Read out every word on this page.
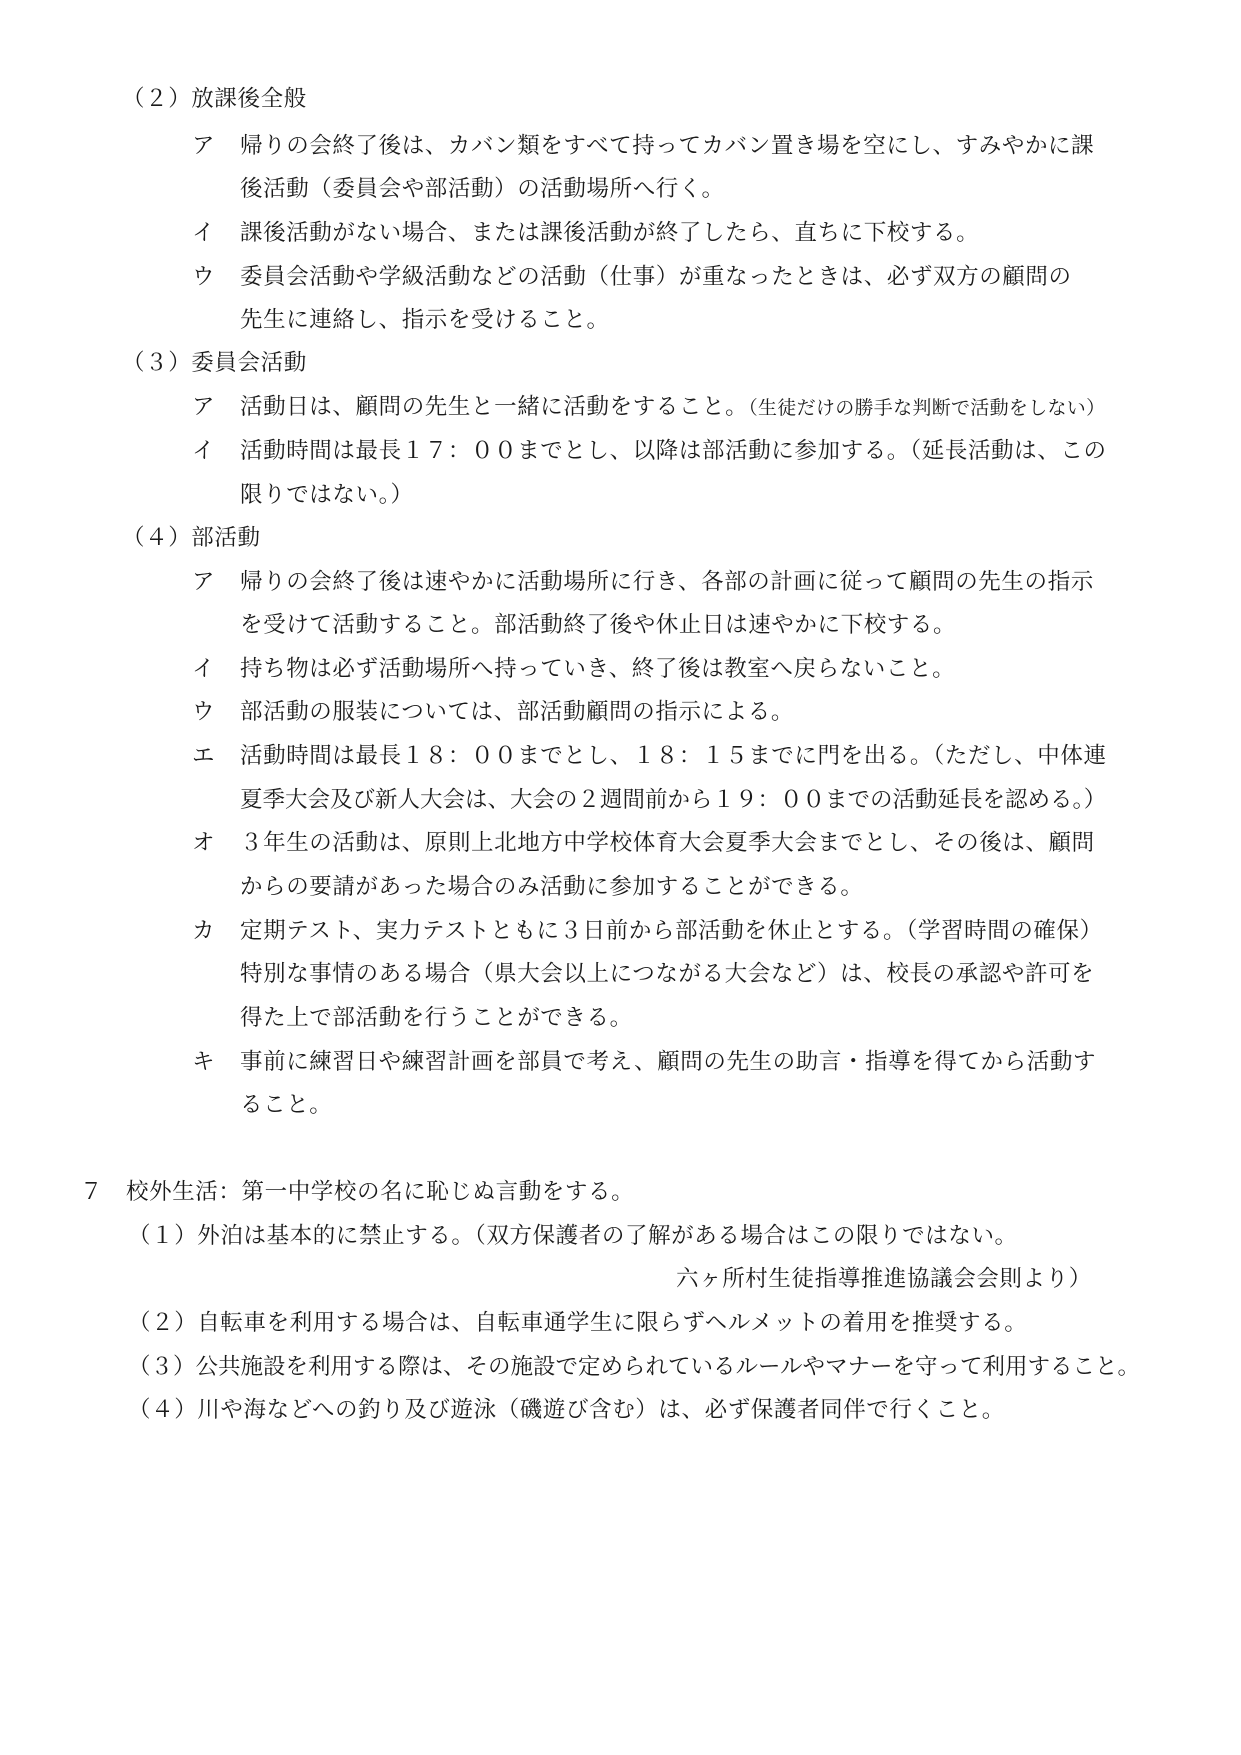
（２）放課後全般
ア 帰りの会終了後は、カバン類をすべて持ってカバン置き場を空にし、すみやかに課
後活動（委員会や部活動）の活動場所へ行く。
イ 課後活動がない場合、または課後活動が終了したら、直ちに下校する。
ウ 委員会活動や学級活動などの活動（仕事）が重なったときは、必ず双方の顧問の
先生に連絡し、指示を受けること。
（３）委員会活動
ア 活動日は、顧問の先生と一緒に活動をすること。（生徒だけの勝手な判断で活動をしない）
イ 活動時間は最長１７：００までとし、以降は部活動に参加する。（延長活動は、この
限りではない。）
（４）部活動
ア 帰りの会終了後は速やかに活動場所に行き、各部の計画に従って顧問の先生の指示
を受けて活動すること。部活動終了後や休止日は速やかに下校する。
イ 持ち物は必ず活動場所へ持っていき、終了後は教室へ戻らないこと。
ウ 部活動の服装については、部活動顧問の指示による。
エ 活動時間は最長１８：００までとし、１８：１５までに門を出る。（ただし、中体連
夏季大会及び新人大会は、大会の２週間前から１９：００までの活動延長を認める。）
オ ３年生の活動は、原則上北地方中学校体育大会夏季大会までとし、その後は、顧問
からの要請があった場合のみ活動に参加することができる。
カ 定期テスト、実力テストともに３日前から部活動を休止とする。（学習時間の確保）
特別な事情のある場合（県大会以上につながる大会など）は、校長の承認や許可を
得た上で部活動を行うことができる。
キ 事前に練習日や練習計画を部員で考え、顧問の先生の助言・指導を得てから活動す
ること。
７ 校外生活：第一中学校の名に恥じぬ言動をする。
（１）外泊は基本的に禁止する。（双方保護者の了解がある場合はこの限りではない。
六ヶ所村生徒指導推進協議会会則より）
（２）自転車を利用する場合は、自転車通学生に限らずヘルメットの着用を推奨する。
（３）公共施設を利用する際は、その施設で定められているルールやマナーを守って利用すること。
（４）川や海などへの釣り及び遊泳（磯遊び含む）は、必ず保護者同伴で行くこと。
